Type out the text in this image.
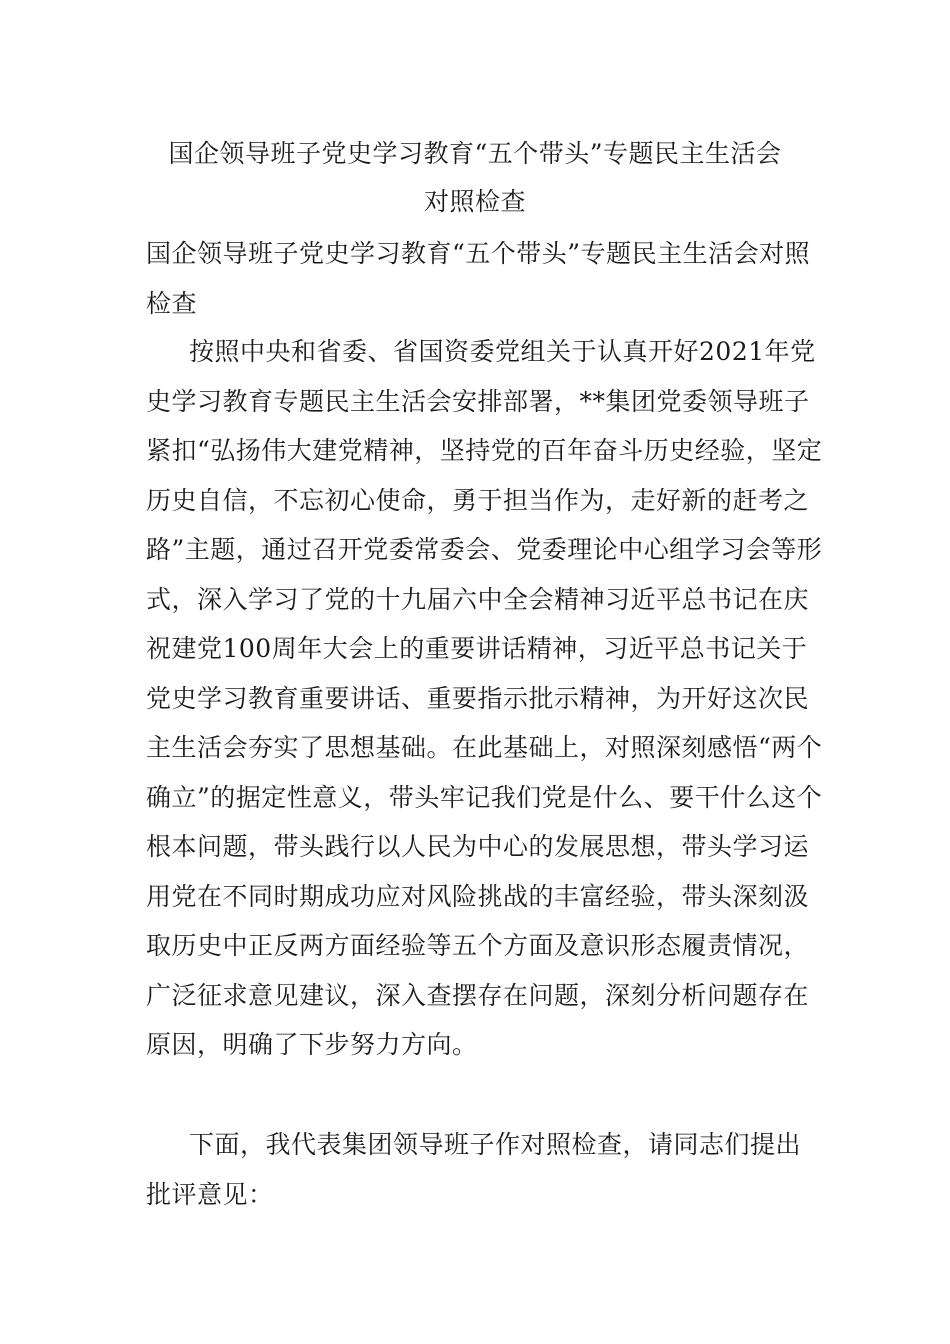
国企领导班子党史学习教育“五个带头”专题民主生活会
对照检查
国企领导班子党史学习教育“五个带头”专题民主生活会对照检查

按照中央和省委、省国资委党组关于认真开好2021年党史学习教育专题民主生活会安排部署，**集团党委领导班子紧扣“弘扬伟大建党精神，坚持党的百年奋斗历史经验，坚定历史自信，不忘初心使命，勇于担当作为，走好新的赶考之路”主题，通过召开党委常委会、党委理论中心组学习会等形式，深入学习了党的十九届六中全会精神习近平总书记在庆祝建党100周年大会上的重要讲话精神，习近平总书记关于党史学习教育重要讲话、重要指示批示精神，为开好这次民主生活会夯实了思想基础。在此基础上，对照深刻感悟“两个确立”的据定性意义，带头牢记我们党是什么、要干什么这个根本问题，带头践行以人民为中心的发展思想，带头学习运用党在不同时期成功应对风险挑战的丰富经验，带头深刻汲取历史中正反两方面经验等五个方面及意识形态履责情况，广泛征求意见建议，深入查摆存在问题，深刻分析问题存在原因，明确了下步努力方向。

下面，我代表集团领导班子作对照检查，请同志们提出批评意见：
